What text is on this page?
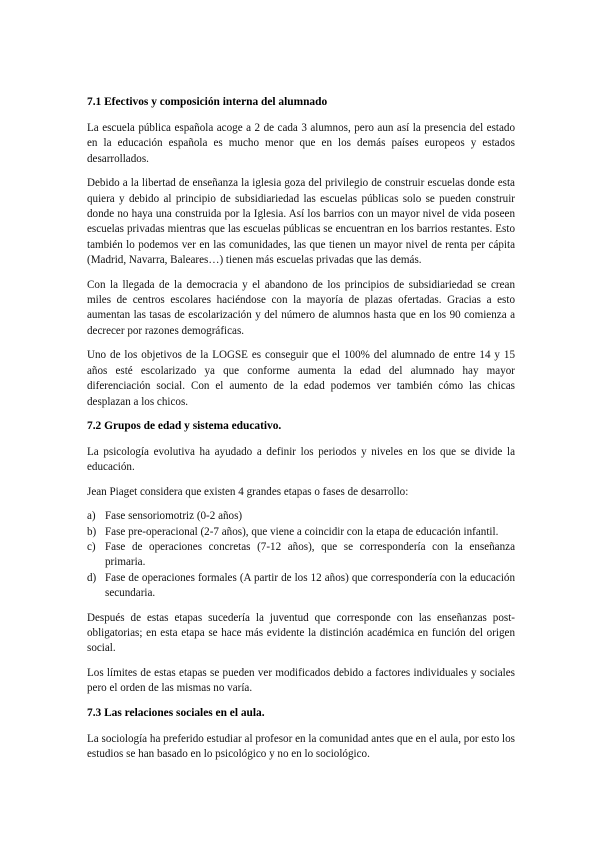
7.1 Efectivos y composición interna del alumnado

La escuela pública española acoge a 2 de cada 3 alumnos, pero aun así la presencia del estado en la educación española es mucho menor que en los demás países europeos y estados desarrollados.

Debido a la libertad de enseñanza la iglesia goza del privilegio de construir escuelas donde esta quiera y debido al principio de subsidiariedad las escuelas públicas solo se pueden construir donde no haya una construida por la Iglesia. Así los barrios con un mayor nivel de vida poseen escuelas privadas mientras que las escuelas públicas se encuentran en los barrios restantes. Esto también lo podemos ver en las comunidades, las que tienen un mayor nivel de renta per cápita (Madrid, Navarra, Baleares…) tienen más escuelas privadas que las demás.

Con la llegada de la democracia y el abandono de los principios de subsidiariedad se crean miles de centros escolares haciéndose con la mayoría de plazas ofertadas. Gracias a esto aumentan las tasas de escolarización y del número de alumnos hasta que en los 90 comienza a decrecer por razones demográficas.

Uno de los objetivos de la LOGSE es conseguir que el 100% del alumnado de entre 14 y 15 años esté escolarizado ya que conforme aumenta la edad del alumnado hay mayor diferenciación social. Con el aumento de la edad podemos ver también cómo las chicas desplazan a los chicos.

7.2 Grupos de edad y sistema educativo.

La psicología evolutiva ha ayudado a definir los periodos y niveles en los que se divide la educación.

Jean Piaget considera que existen 4 grandes etapas o fases de desarrollo:

a) Fase sensoriomotriz (0-2 años)
b) Fase pre-operacional (2-7 años), que viene a coincidir con la etapa de educación infantil.
c) Fase de operaciones concretas (7-12 años), que se correspondería con la enseñanza primaria.
d) Fase de operaciones formales (A partir de los 12 años) que correspondería con la educación secundaria.

Después de estas etapas sucedería la juventud que corresponde con las enseñanzas post-obligatorias; en esta etapa se hace más evidente la distinción académica en función del origen social.

Los límites de estas etapas se pueden ver modificados debido a factores individuales y sociales pero el orden de las mismas no varía.

7.3 Las relaciones sociales en el aula.

La sociología ha preferido estudiar al profesor en la comunidad antes que en el aula, por esto los estudios se han basado en lo psicológico y no en lo sociológico.
